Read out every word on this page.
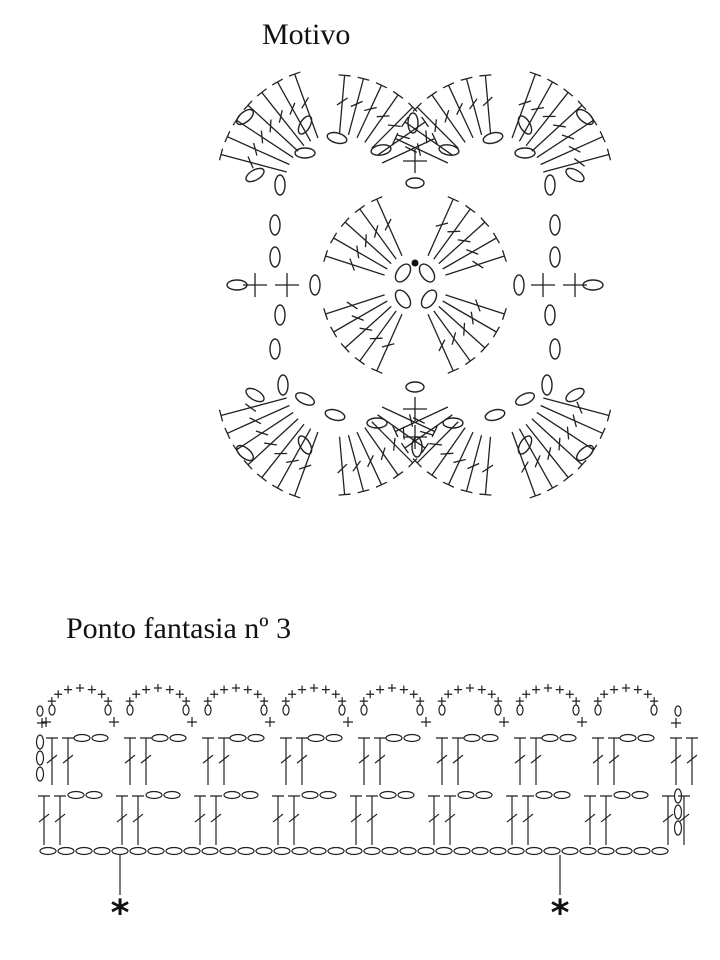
Motivo
Ponto fantasia nº 3
*	*
